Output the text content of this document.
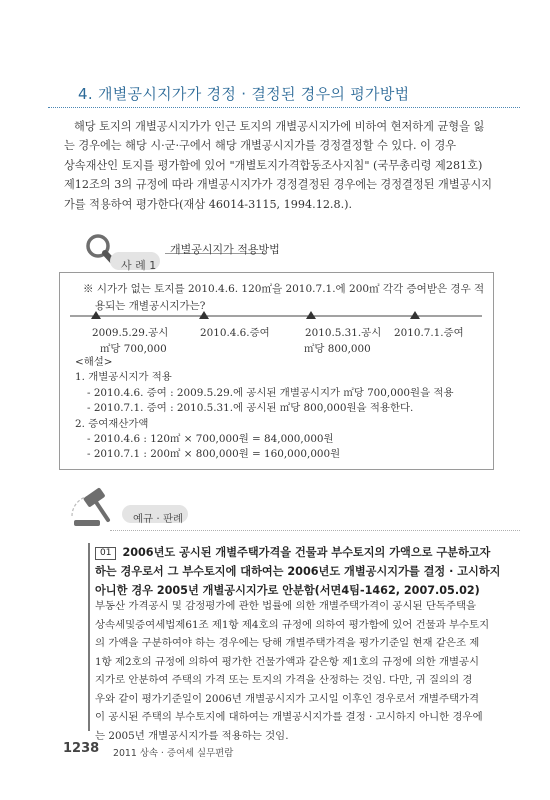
4. 개별공시지가가 경정 · 결정된 경우의 평가방법

해당 토지의 개별공시지가가 인근 토지의 개별공시지가에 비하여 현저하게 균형을 잃

는 경우에는 해당 시·군·구에서 해당 개별공시지가를 경정결정할 수 있다. 이 경우

상속재산인 토지를 평가함에 있어 "개별토지가격합동조사지침" (국무총리령 제281호)

제12조의 3의 규정에 따라 개별공시지가가 경정결정된 경우에는 경정결정된 개별공시지

가를 적용하여 평가한다(재삼 46014-3115, 1994.12.8.).

사 례 1
개별공시지가 적용방법
※ 시가가 없는 토지를 2010.4.6. 120㎡을 2010.7.1.에 200㎡ 각각 증여받은 경우 적
용되는 개별공시지가는?
2009.5.29.공시	2010.4.6.증여	2010.5.31.공시 2010.7.1.증여
㎡당 700,000	㎡당 800,000
<해설>
1. 개별공시지가 적용
- 2010.4.6. 증여 : 2009.5.29.에 공시된 개별공시지가 ㎡당 700,000원을 적용
- 2010.7.1. 증여 : 2010.5.31.에 공시된 ㎡당 800,000원을 적용한다.
2. 증여재산가액
- 2010.4.6 : 120㎡ × 700,000원 = 84,000,000원
- 2010.7.1 : 200㎡ × 800,000원 = 160,000,000원
예규 · 판례
01 2006년도 공시된 개별주택가격을 건물과 부수토지의 가액으로 구분하고자
하는 경우로서 그 부수토지에 대하여는 2006년도 개별공시지가를 결정 · 고시하지
아니한 경우 2005년 개별공시지가로 안분함(서면4팀-1462, 2007.05.02)
부동산 가격공시 및 감정평가에 관한 법률에 의한 개별주택가격이 공시된 단독주택을
상속세및증여세법제61조 제1항 제4호의 규정에 의하여 평가함에 있어 건물과 부수토지
의 가액을 구분하여야 하는 경우에는 당해 개별주택가격을 평가기준일 현재 같은조 제
1항 제2호의 규정에 의하여 평가한 건물가액과 같은항 제1호의 규정에 의한 개별공시
지가로 안분하여 주택의 가격 또는 토지의 가격을 산정하는 것임. 다만, 귀 질의의 경
우와 같이 평가기준일이 2006년 개별공시지가 고시일 이후인 경우로서 개별주택가격
이 공시된 주택의 부수토지에 대하여는 개별공시지가를 결정 · 고시하지 아니한 경우에
는 2005년 개별공시지가를 적용하는 것임.
1238 2011 상속 · 증여세 실무편람
